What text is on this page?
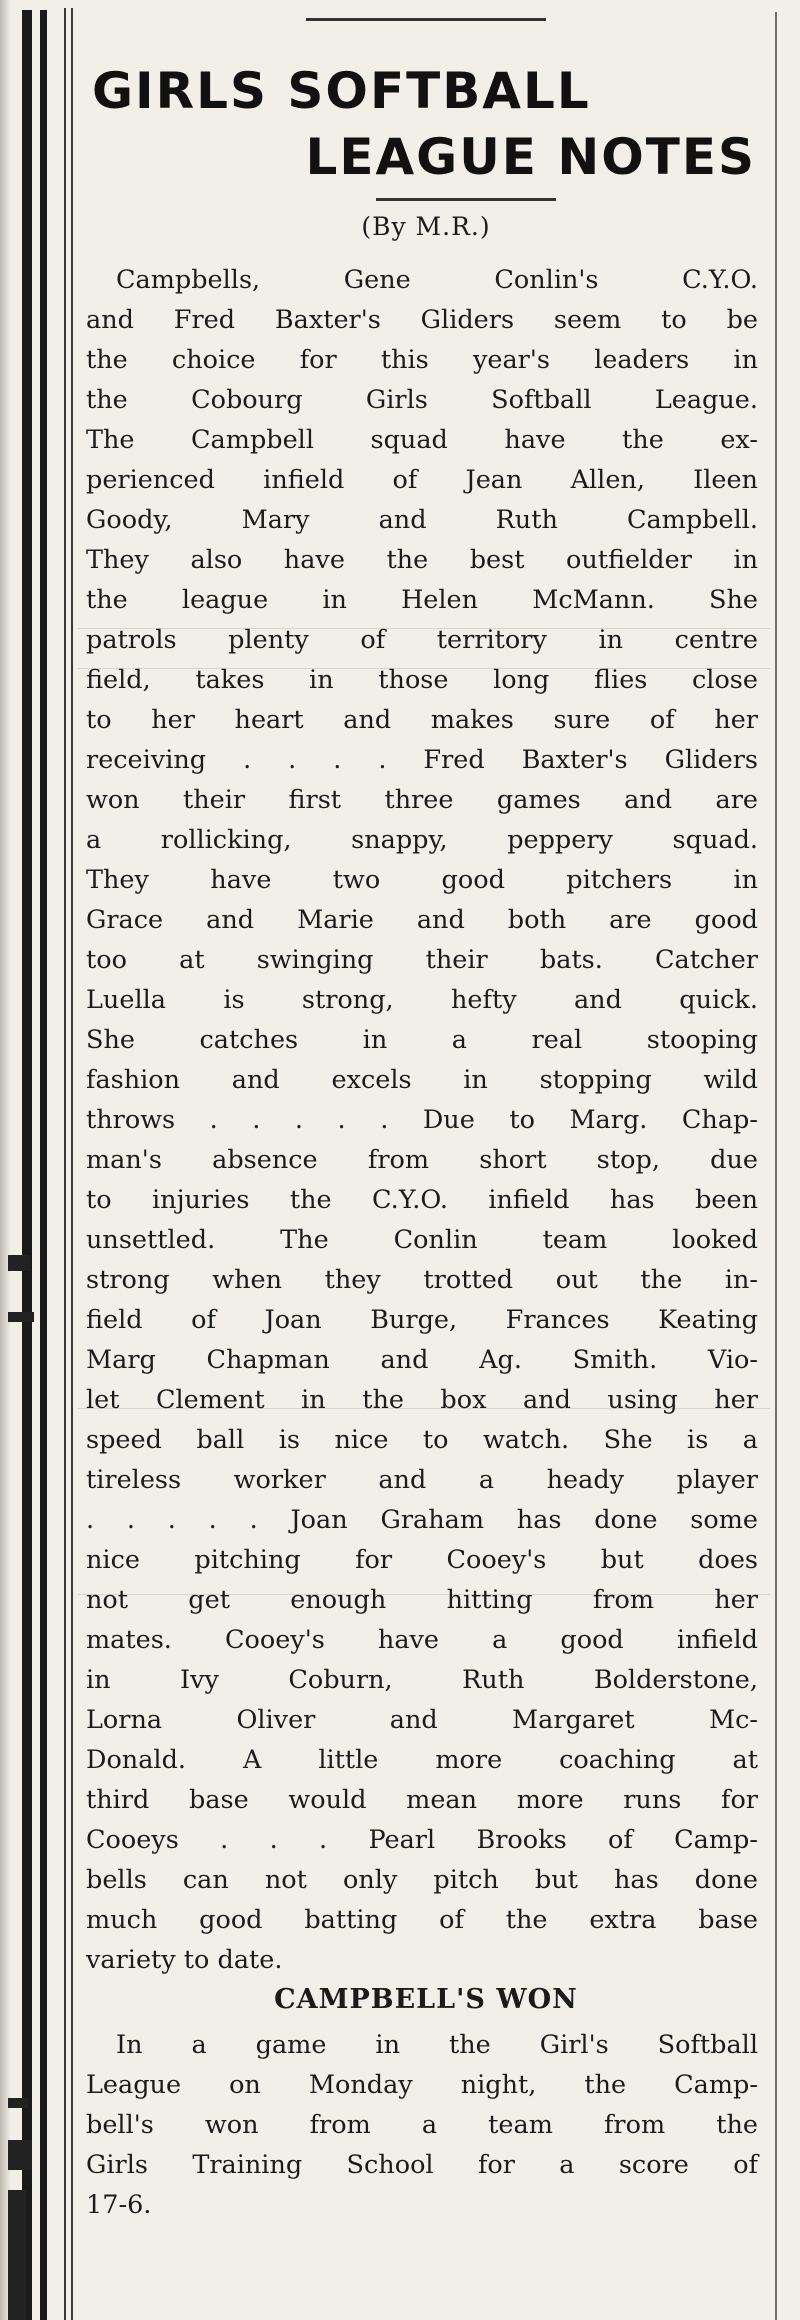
GIRLS SOFTBALL
LEAGUE NOTES
(By M.R.)
Campbells, Gene Conlin's C.Y.O.
and Fred Baxter's Gliders seem to be
the choice for this year's leaders in
the Cobourg Girls Softball League.
The Campbell squad have the ex-
perienced infield of Jean Allen, Ileen
Goody, Mary and Ruth Campbell.
They also have the best outfielder in
the league in Helen McMann. She
patrols plenty of territory in centre
field, takes in those long flies close
to her heart and makes sure of her
receiving . . . . Fred Baxter's Gliders
won their first three games and are
a rollicking, snappy, peppery squad.
They have two good pitchers in
Grace and Marie and both are good
too at swinging their bats. Catcher
Luella is strong, hefty and quick.
She catches in a real stooping
fashion and excels in stopping wild
throws . . . . . Due to Marg. Chap-
man's absence from short stop, due
to injuries the C.Y.O. infield has been
unsettled. The Conlin team looked
strong when they trotted out the in-
field of Joan Burge, Frances Keating
Marg Chapman and Ag. Smith. Vio-
let Clement in the box and using her
speed ball is nice to watch. She is a
tireless worker and a heady player
. . . . . Joan Graham has done some
nice pitching for Cooey's but does
not get enough hitting from her
mates. Cooey's have a good infield
in Ivy Coburn, Ruth Bolderstone,
Lorna Oliver and Margaret Mc-
Donald. A little more coaching at
third base would mean more runs for
Cooeys . . . Pearl Brooks of Camp-
bells can not only pitch but has done
much good batting of the extra base
variety to date.
CAMPBELL'S WON
In a game in the Girl's Softball
League on Monday night, the Camp-
bell's won from a team from the
Girls Training School for a score of
17-6.
